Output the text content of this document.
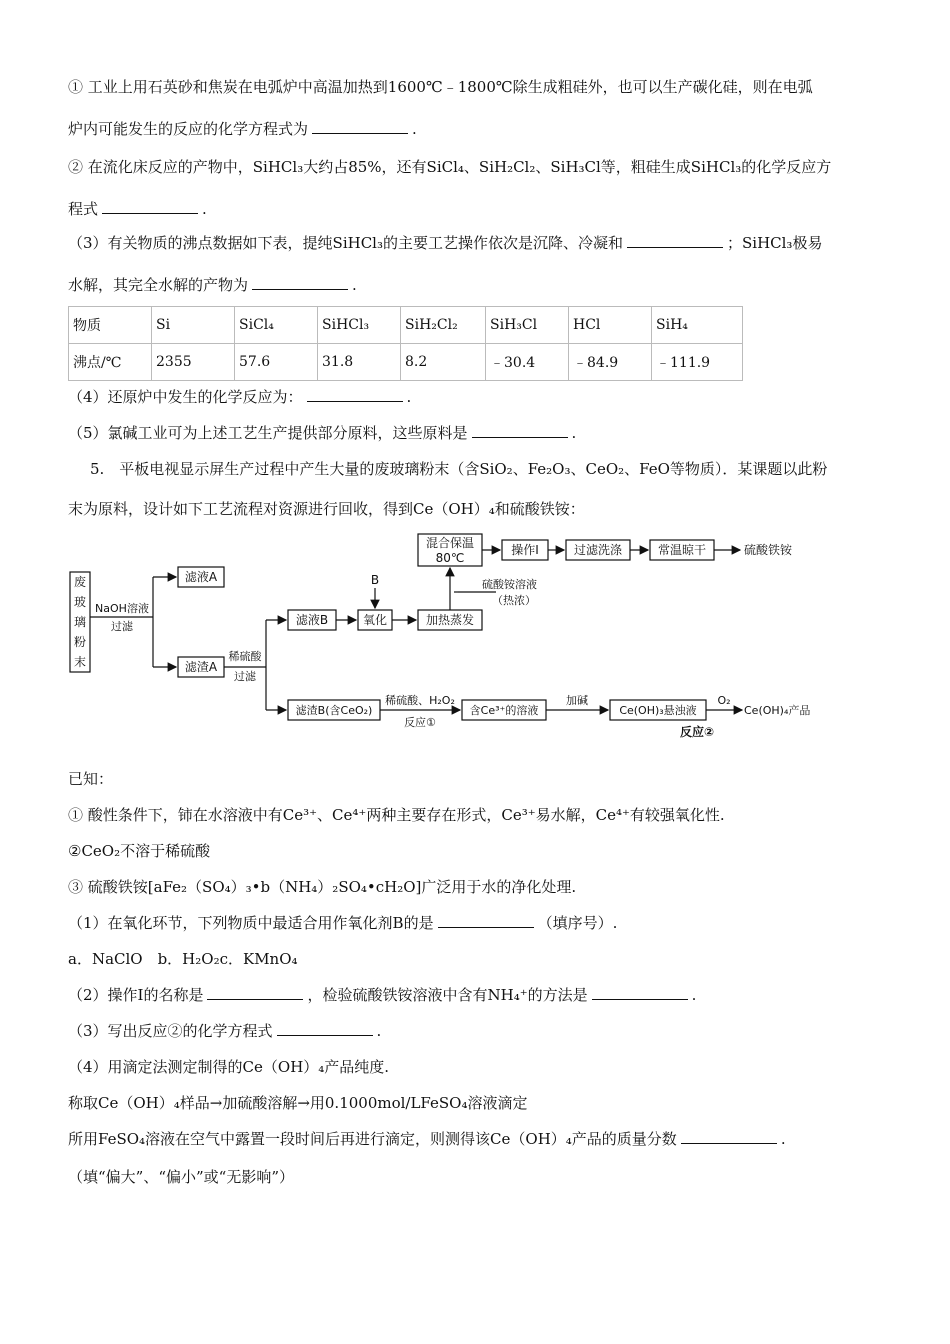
① 工业上用石英砂和焦炭在电弧炉中高温加热到1600℃﹣1800℃除生成粗硅外，也可以生产碳化硅，则在电弧
炉内可能发生的反应的化学方程式为	.
② 在流化床反应的产物中，SiHCl₃大约占85%，还有SiCl₄、SiH₂Cl₂、SiH₃Cl等，粗硅生成SiHCl₃的化学反应方
程式	.
（3）有关物质的沸点数据如下表，提纯SiHCl₃的主要工艺操作依次是沉降、冷凝和	；SiHCl₃极易
水解，其完全水解的产物为	.
物质	Si	SiCl₄	SiHCl₃	SiH₂Cl₂	SiH₃Cl	HCl	SiH₄
沸点/℃	2355	57.6	31.8	8.2	﹣30.4	﹣84.9	﹣111.9
（4）还原炉中发生的化学反应为：	.
（5）氯碱工业可为上述工艺生产提供部分原料，这些原料是	.
5.　平板电视显示屏生产过程中产生大量的废玻璃粉末（含SiO₂、Fe₂O₃、CeO₂、FeO等物质）．某课题以此粉
末为原料，设计如下工艺流程对资源进行回收，得到Ce（OH）₄和硫酸铁铵：
废
玻
璃
粉
末
NaOH溶液
过滤
滤液A
滤渣A
稀硫酸
过滤
滤液B	氧化
B
加热蒸发
硫酸铵溶液
（热浓）
混合保温
80℃
操作Ⅰ	过滤洗涤	常温晾干	硫酸铁铵
滤渣B(含CeO₂)
稀硫酸、H₂O₂
反应①
含Ce³⁺的溶液
加碱
Ce(OH)₃悬浊液
O₂
Ce(OH)₄产品
反应②
已知：
① 酸性条件下，铈在水溶液中有Ce³⁺、Ce⁴⁺两种主要存在形式，Ce³⁺易水解，Ce⁴⁺有较强氧化性.
②CeO₂不溶于稀硫酸
③ 硫酸铁铵[aFe₂（SO₄）₃•b（NH₄）₂SO₄•cH₂O]广泛用于水的净化处理.
（1）在氧化环节，下列物质中最适合用作氧化剂B的是	（填序号）.
a．NaClO　b．H₂O₂c．KMnO₄
（2）操作Ⅰ的名称是	，检验硫酸铁铵溶液中含有NH₄⁺的方法是	.
（3）写出反应②的化学方程式	.
（4）用滴定法测定制得的Ce（OH）₄产品纯度.
称取Ce（OH）₄样品→加硫酸溶解→用0.1000mol/LFeSO₄溶液滴定
所用FeSO₄溶液在空气中露置一段时间后再进行滴定，则测得该Ce（OH）₄产品的质量分数	.
（填“偏大”、“偏小”或“无影响”）
